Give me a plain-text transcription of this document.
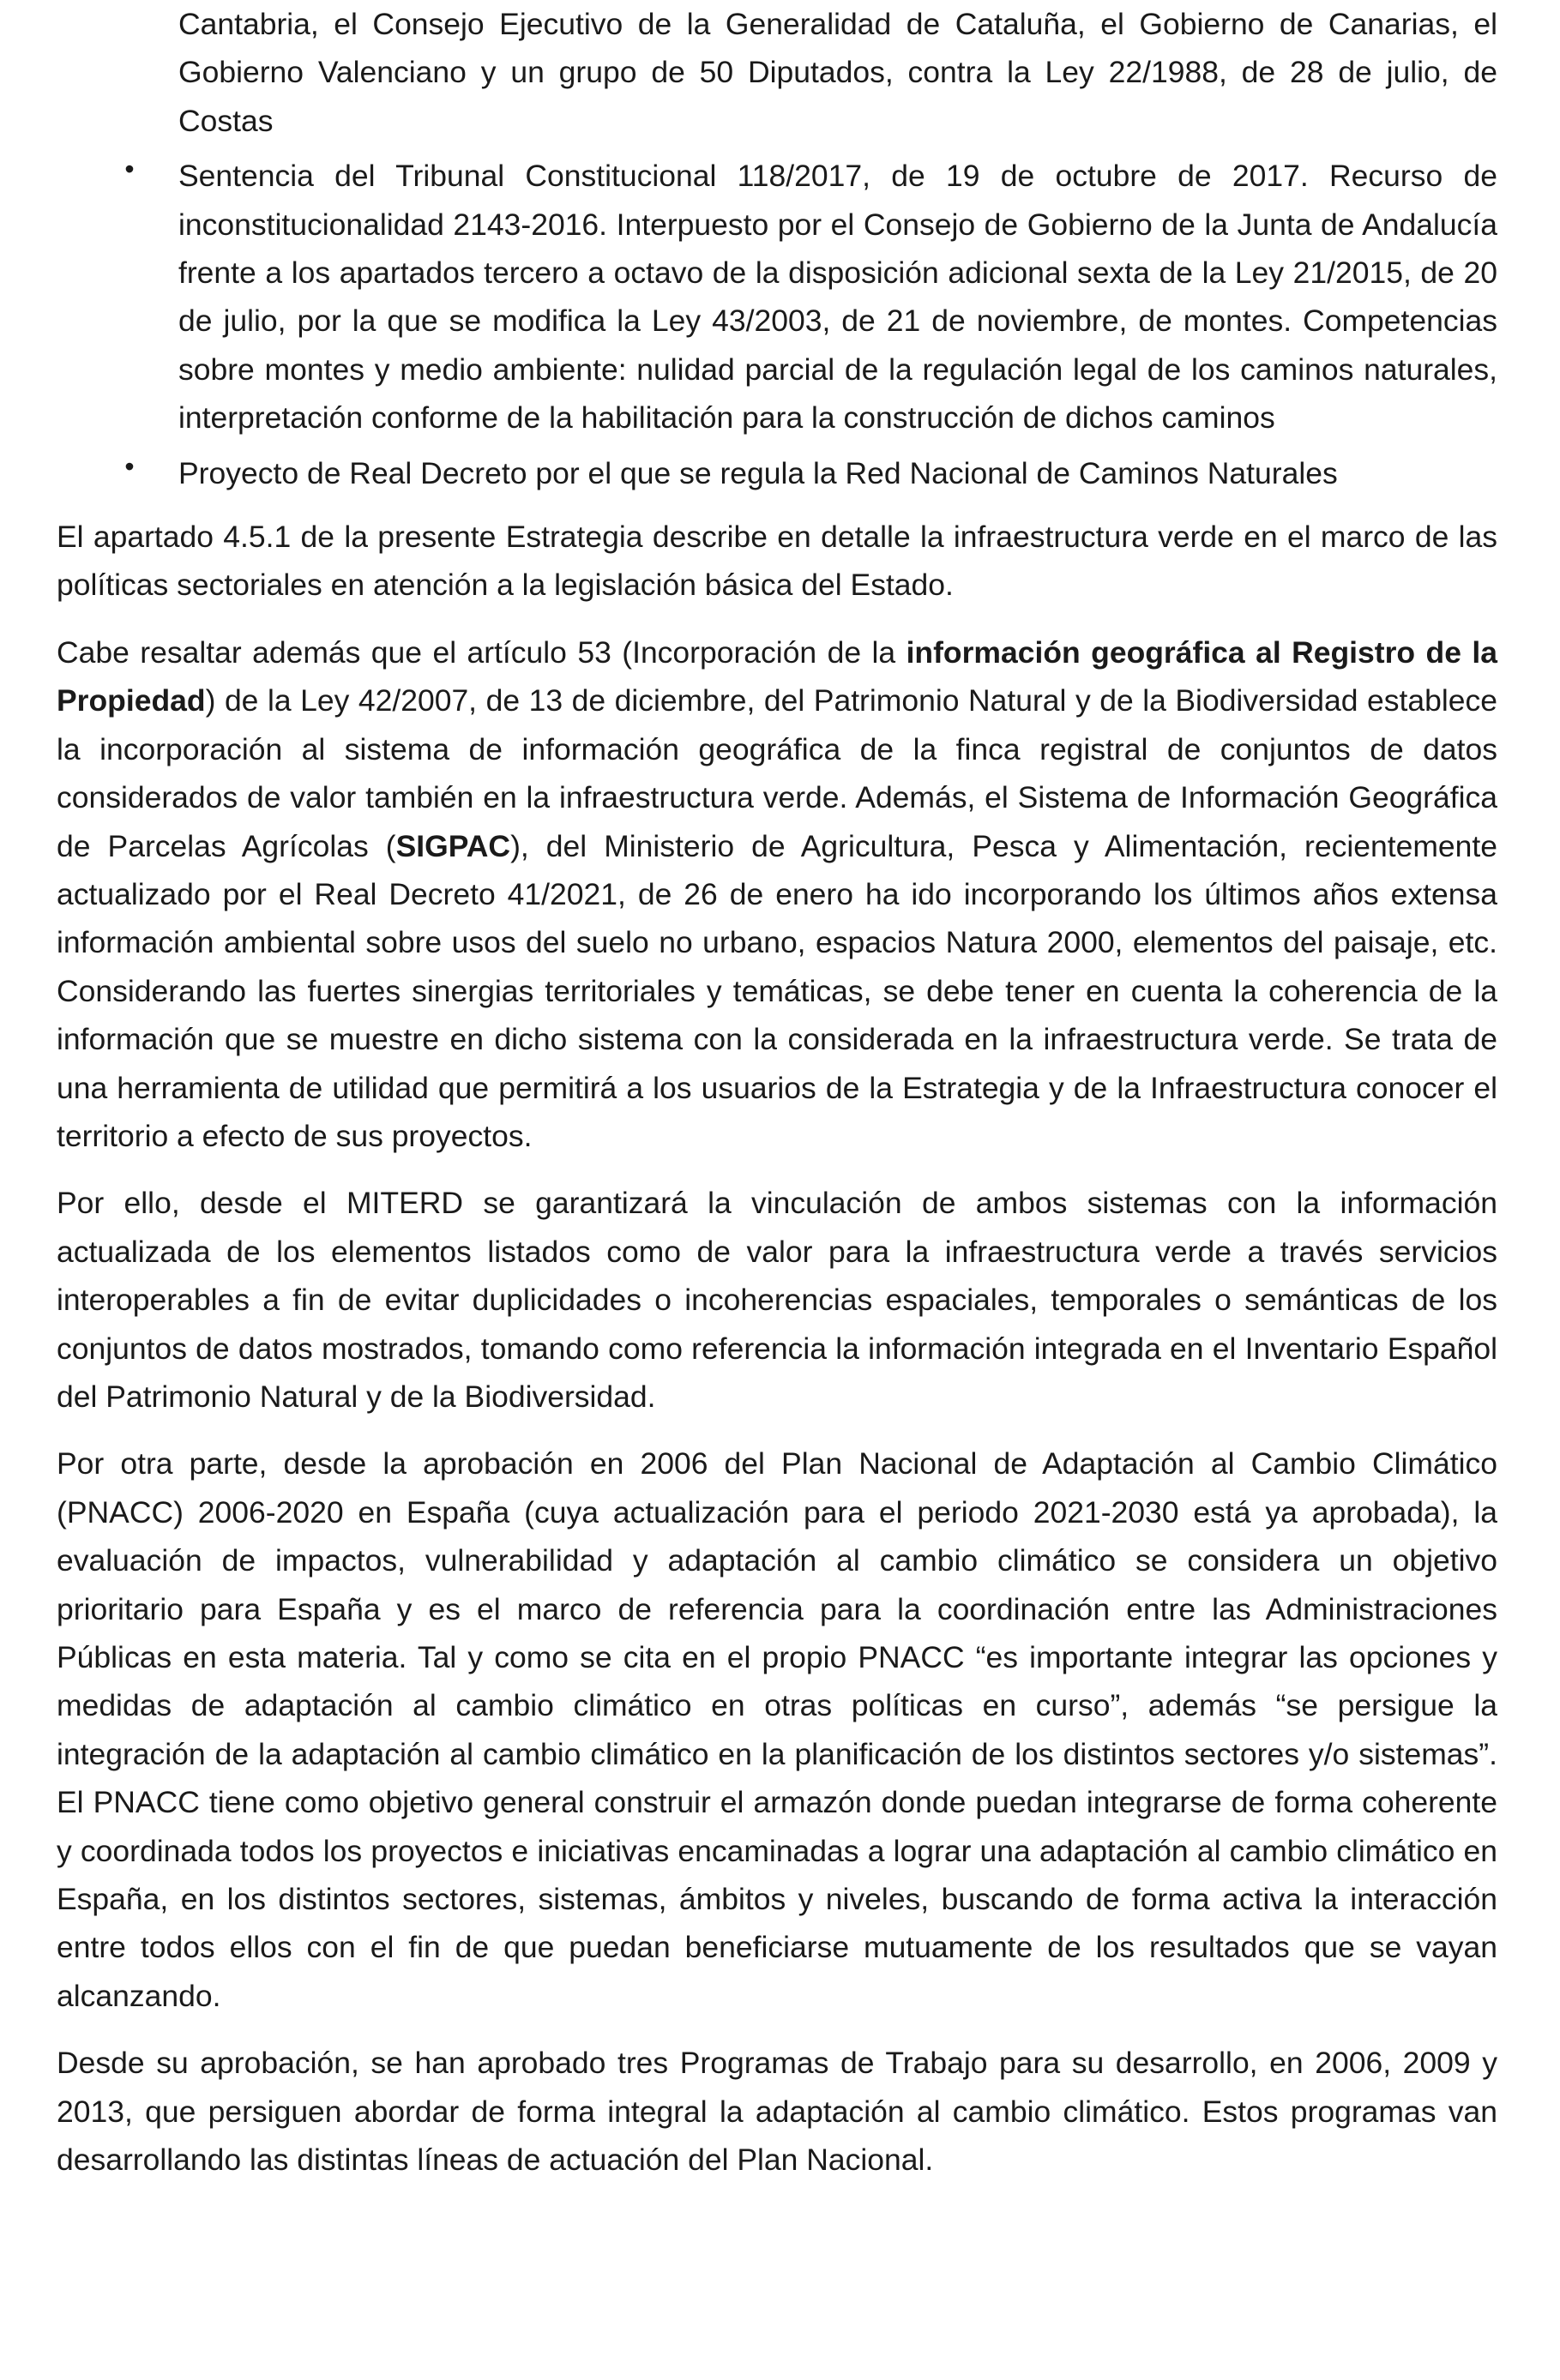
Cantabria, el Consejo Ejecutivo de la Generalidad de Cataluña, el Gobierno de Canarias, el Gobierno Valenciano y un grupo de 50 Diputados, contra la Ley 22/1988, de 28 de julio, de Costas
• Sentencia del Tribunal Constitucional 118/2017, de 19 de octubre de 2017. Recurso de inconstitucionalidad 2143-2016. Interpuesto por el Consejo de Gobierno de la Junta de Andalucía frente a los apartados tercero a octavo de la disposición adicional sexta de la Ley 21/2015, de 20 de julio, por la que se modifica la Ley 43/2003, de 21 de noviembre, de montes. Competencias sobre montes y medio ambiente: nulidad parcial de la regulación legal de los caminos naturales, interpretación conforme de la habilitación para la construcción de dichos caminos
• Proyecto de Real Decreto por el que se regula la Red Nacional de Caminos Naturales

El apartado 4.5.1 de la presente Estrategia describe en detalle la infraestructura verde en el marco de las políticas sectoriales en atención a la legislación básica del Estado.

Cabe resaltar además que el artículo 53 (Incorporación de la información geográfica al Registro de la Propiedad) de la Ley 42/2007, de 13 de diciembre, del Patrimonio Natural y de la Biodiversidad establece la incorporación al sistema de información geográfica de la finca registral de conjuntos de datos considerados de valor también en la infraestructura verde. Además, el Sistema de Información Geográfica de Parcelas Agrícolas (SIGPAC), del Ministerio de Agricultura, Pesca y Alimentación, recientemente actualizado por el Real Decreto 41/2021, de 26 de enero ha ido incorporando los últimos años extensa información ambiental sobre usos del suelo no urbano, espacios Natura 2000, elementos del paisaje, etc. Considerando las fuertes sinergias territoriales y temáticas, se debe tener en cuenta la coherencia de la información que se muestre en dicho sistema con la considerada en la infraestructura verde. Se trata de una herramienta de utilidad que permitirá a los usuarios de la Estrategia y de la Infraestructura conocer el territorio a efecto de sus proyectos.

Por ello, desde el MITERD se garantizará la vinculación de ambos sistemas con la información actualizada de los elementos listados como de valor para la infraestructura verde a través servicios interoperables a fin de evitar duplicidades o incoherencias espaciales, temporales o semánticas de los conjuntos de datos mostrados, tomando como referencia la información integrada en el Inventario Español del Patrimonio Natural y de la Biodiversidad.

Por otra parte, desde la aprobación en 2006 del Plan Nacional de Adaptación al Cambio Climático (PNACC) 2006-2020 en España (cuya actualización para el periodo 2021-2030 está ya aprobada), la evaluación de impactos, vulnerabilidad y adaptación al cambio climático se considera un objetivo prioritario para España y es el marco de referencia para la coordinación entre las Administraciones Públicas en esta materia. Tal y como se cita en el propio PNACC “es importante integrar las opciones y medidas de adaptación al cambio climático en otras políticas en curso”, además “se persigue la integración de la adaptación al cambio climático en la planificación de los distintos sectores y/o sistemas”. El PNACC tiene como objetivo general construir el armazón donde puedan integrarse de forma coherente y coordinada todos los proyectos e iniciativas encaminadas a lograr una adaptación al cambio climático en España, en los distintos sectores, sistemas, ámbitos y niveles, buscando de forma activa la interacción entre todos ellos con el fin de que puedan beneficiarse mutuamente de los resultados que se vayan alcanzando.

Desde su aprobación, se han aprobado tres Programas de Trabajo para su desarrollo, en 2006, 2009 y 2013, que persiguen abordar de forma integral la adaptación al cambio climático. Estos programas van desarrollando las distintas líneas de actuación del Plan Nacional.
